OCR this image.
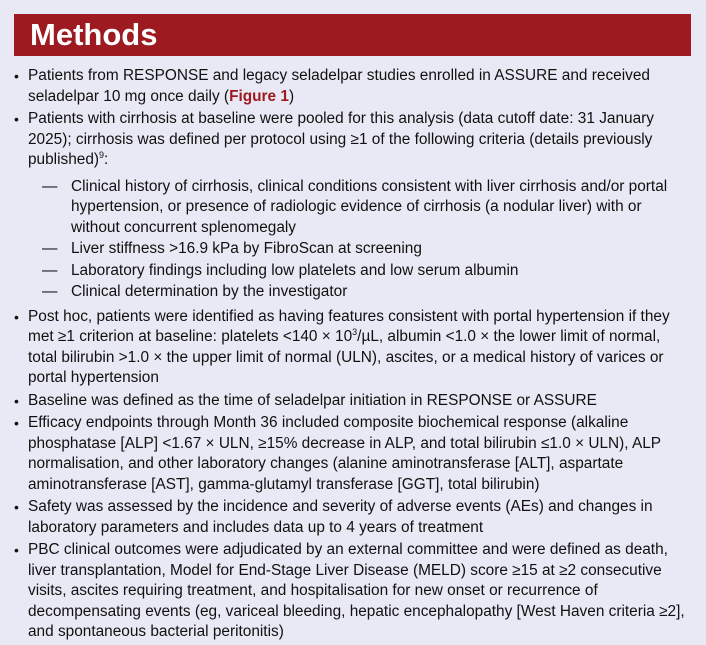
Methods
• Patients from RESPONSE and legacy seladelpar studies enrolled in ASSURE and received seladelpar 10 mg once daily (Figure 1)
• Patients with cirrhosis at baseline were pooled for this analysis (data cutoff date: 31 January 2025); cirrhosis was defined per protocol using ≥1 of the following criteria (details previously published)$^9$:
— Clinical history of cirrhosis, clinical conditions consistent with liver cirrhosis and/or portal hypertension, or presence of radiologic evidence of cirrhosis (a nodular liver) with or without concurrent splenomegaly
— Liver stiffness >16.9 kPa by FibroScan at screening
— Laboratory findings including low platelets and low serum albumin
— Clinical determination by the investigator
• Post hoc, patients were identified as having features consistent with portal hypertension if they met ≥1 criterion at baseline: platelets $<140 \times 10^3/\mu L$, albumin <1.0 × the lower limit of normal, total bilirubin >1.0 × the upper limit of normal (ULN), ascites, or a medical history of varices or portal hypertension
• Baseline was defined as the time of seladelpar initiation in RESPONSE or ASSURE
• Efficacy endpoints through Month 36 included composite biochemical response (alkaline phosphatase [ALP] <1.67 × ULN, ≥15% decrease in ALP, and total bilirubin ≤1.0 × ULN), ALP normalisation, and other laboratory changes (alanine aminotransferase [ALT], aspartate aminotransferase [AST], gamma-glutamyl transferase [GGT], total bilirubin)
• Safety was assessed by the incidence and severity of adverse events (AEs) and changes in laboratory parameters and includes data up to 4 years of treatment
• PBC clinical outcomes were adjudicated by an external committee and were defined as death, liver transplantation, Model for End-Stage Liver Disease (MELD) score ≥15 at ≥2 consecutive visits, ascites requiring treatment, and hospitalisation for new onset or recurrence of decompensating events (eg, variceal bleeding, hepatic encephalopathy [West Haven criteria ≥2], and spontaneous bacterial peritonitis)
